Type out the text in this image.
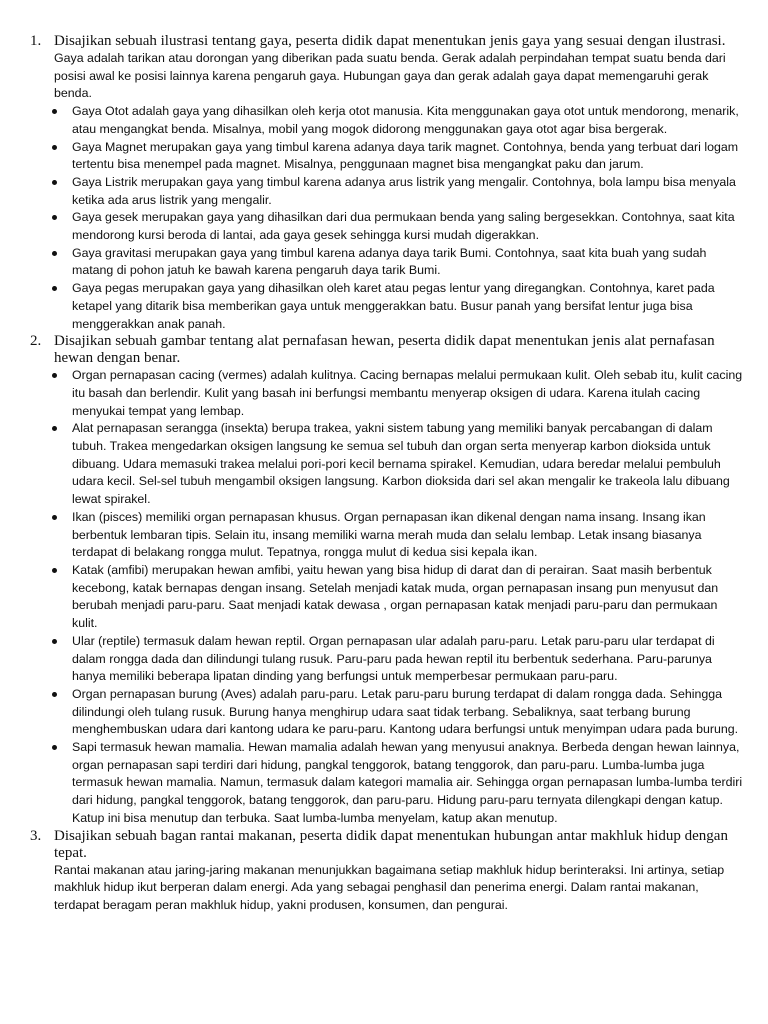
1. Disajikan sebuah ilustrasi tentang gaya, peserta didik dapat menentukan jenis gaya yang sesuai dengan ilustrasi.

Gaya adalah tarikan atau dorongan yang diberikan pada suatu benda. Gerak adalah perpindahan tempat suatu benda dari posisi awal ke posisi lainnya karena pengaruh gaya. Hubungan gaya dan gerak adalah gaya dapat memengaruhi gerak benda.

Gaya Otot adalah gaya yang dihasilkan oleh kerja otot manusia. Kita menggunakan gaya otot untuk mendorong, menarik, atau mengangkat benda. Misalnya, mobil yang mogok didorong menggunakan gaya otot agar bisa bergerak.
Gaya Magnet merupakan gaya yang timbul karena adanya daya tarik magnet. Contohnya, benda yang terbuat dari logam tertentu bisa menempel pada magnet. Misalnya, penggunaan magnet bisa mengangkat paku dan jarum.
Gaya Listrik merupakan gaya yang timbul karena adanya arus listrik yang mengalir. Contohnya, bola lampu bisa menyala ketika ada arus listrik yang mengalir.
Gaya gesek merupakan gaya yang dihasilkan dari dua permukaan benda yang saling bergesekkan. Contohnya, saat kita mendorong kursi beroda di lantai, ada gaya gesek sehingga kursi mudah digerakkan.
Gaya gravitasi merupakan gaya yang timbul karena adanya daya tarik Bumi. Contohnya, saat kita buah yang sudah matang di pohon jatuh ke bawah karena pengaruh daya tarik Bumi.
Gaya pegas merupakan gaya yang dihasilkan oleh karet atau pegas lentur yang diregangkan. Contohnya, karet pada ketapel yang ditarik bisa memberikan gaya untuk menggerakkan batu. Busur panah yang bersifat lentur juga bisa menggerakkan anak panah.
2. Disajikan sebuah gambar tentang alat pernafasan hewan, peserta didik dapat menentukan jenis alat pernafasan hewan dengan benar.

Organ pernapasan cacing (vermes) adalah kulitnya. Cacing bernapas melalui permukaan kulit. Oleh sebab itu, kulit cacing itu basah dan berlendir. Kulit yang basah ini berfungsi membantu menyerap oksigen di udara. Karena itulah cacing menyukai tempat yang lembap.
Alat pernapasan serangga (insekta) berupa trakea, yakni sistem tabung yang memiliki banyak percabangan di dalam tubuh. Trakea mengedarkan oksigen langsung ke semua sel tubuh dan organ serta menyerap karbon dioksida untuk dibuang. Udara memasuki trakea melalui pori-pori kecil bernama spirakel. Kemudian, udara beredar melalui pembuluh udara kecil. Sel-sel tubuh mengambil oksigen langsung. Karbon dioksida dari sel akan mengalir ke trakeola lalu dibuang lewat spirakel.
Ikan (pisces) memiliki organ pernapasan khusus. Organ pernapasan ikan dikenal dengan nama insang. Insang ikan berbentuk lembaran tipis. Selain itu, insang memiliki warna merah muda dan selalu lembap. Letak insang biasanya terdapat di belakang rongga mulut. Tepatnya, rongga mulut di kedua sisi kepala ikan.
Katak (amfibi) merupakan hewan amfibi, yaitu hewan yang bisa hidup di darat dan di perairan. Saat masih berbentuk kecebong, katak bernapas dengan insang. Setelah menjadi katak muda, organ pernapasan insang pun menyusut dan berubah menjadi paru-paru. Saat menjadi katak dewasa , organ pernapasan katak menjadi paru-paru dan permukaan kulit.
Ular (reptile) termasuk dalam hewan reptil. Organ pernapasan ular adalah paru-paru. Letak paru-paru ular terdapat di dalam rongga dada dan dilindungi tulang rusuk. Paru-paru pada hewan reptil itu berbentuk sederhana. Paru-parunya hanya memiliki beberapa lipatan dinding yang berfungsi untuk memperbesar permukaan paru-paru.
Organ pernapasan burung (Aves) adalah paru-paru. Letak paru-paru burung terdapat di dalam rongga dada. Sehingga dilindungi oleh tulang rusuk. Burung hanya menghirup udara saat tidak terbang. Sebaliknya, saat terbang burung menghembuskan udara dari kantong udara ke paru-paru. Kantong udara berfungsi untuk menyimpan udara pada burung.
Sapi termasuk hewan mamalia. Hewan mamalia adalah hewan yang menyusui anaknya. Berbeda dengan hewan lainnya, organ pernapasan sapi terdiri dari hidung, pangkal tenggorok, batang tenggorok, dan paru-paru. Lumba-lumba juga termasuk hewan mamalia. Namun, termasuk dalam kategori mamalia air. Sehingga organ pernapasan lumba-lumba terdiri dari hidung, pangkal tenggorok, batang tenggorok, dan paru-paru. Hidung paru-paru ternyata dilengkapi dengan katup. Katup ini bisa menutup dan terbuka. Saat lumba-lumba menyelam, katup akan menutup.
3. Disajikan sebuah bagan rantai makanan, peserta didik dapat menentukan hubungan antar makhluk hidup dengan tepat.

Rantai makanan atau jaring-jaring makanan menunjukkan bagaimana setiap makhluk hidup berinteraksi. Ini artinya, setiap makhluk hidup ikut berperan dalam energi. Ada yang sebagai penghasil dan penerima energi. Dalam rantai makanan, terdapat beragam peran makhluk hidup, yakni produsen, konsumen, dan pengurai.
